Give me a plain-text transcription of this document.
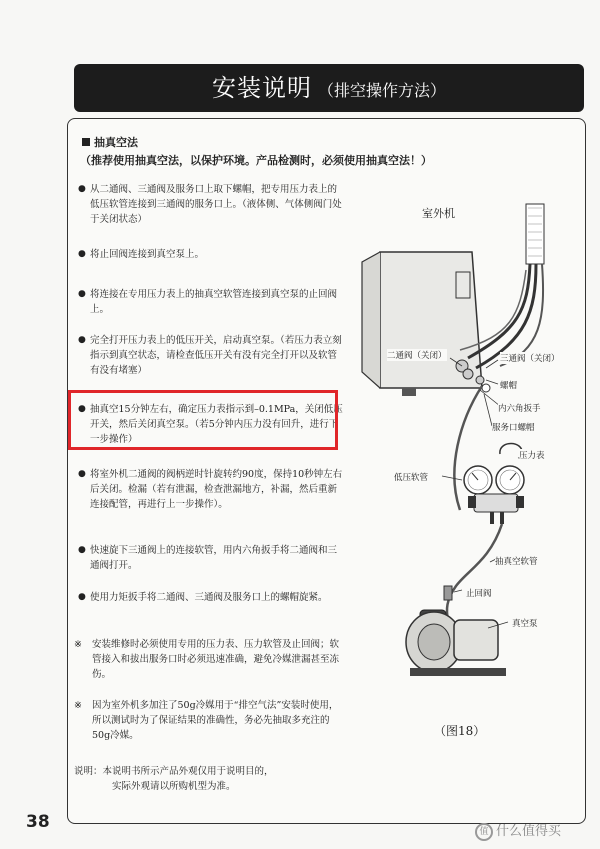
安装说明 （排空操作方法）
抽真空法
（推荐使用抽真空法，以保护环境。产品检测时，必须使用抽真空法！）
● 从二通阀、三通阀及服务口上取下螺帽，把专用压力表上的低压软管连接到三通阀的服务口上。（液体侧、气体侧阀门处于关闭状态）
● 将止回阀连接到真空泵上。
● 将连接在专用压力表上的抽真空软管连接到真空泵的止回阀上。
● 完全打开压力表上的低压开关，启动真空泵。（若压力表立刻指示到真空状态，请检查低压开关有没有完全打开以及软管有没有堵塞）
● 抽真空15分钟左右，确定压力表指示到–0.1MPa，关闭低压开关，然后关闭真空泵。（若5分钟内压力没有回升，进行下一步操作）
● 将室外机二通阀的阀柄逆时针旋转约90度，保持10秒钟左右后关闭。检漏（若有泄漏，检查泄漏地方，补漏，然后重新连接配管，再进行上一步操作）。
● 快速旋下三通阀上的连接软管，用内六角扳手将二通阀和三通阀打开。
● 使用力矩扳手将二通阀、三通阀及服务口上的螺帽旋紧。
※ 安装维修时必须使用专用的压力表、压力软管及止回阀；软管接入和拔出服务口时必须迅速准确，避免冷媒泄漏甚至冻伤。
※ 因为室外机多加注了50g冷媒用于“排空气法”安装时使用，所以测试时为了保证结果的准确性，务必先抽取多充注的50g冷媒。
说明：本说明书所示产品外观仅用于说明目的，
实际外观请以所购机型为准。
室外机
二通阀（关闭）	三通阀（关闭）
螺帽
内六角扳手
服务口螺帽
压力表
低压软管
抽真空软管
止回阀
真空泵
（图18）
38	值 什么值得买
